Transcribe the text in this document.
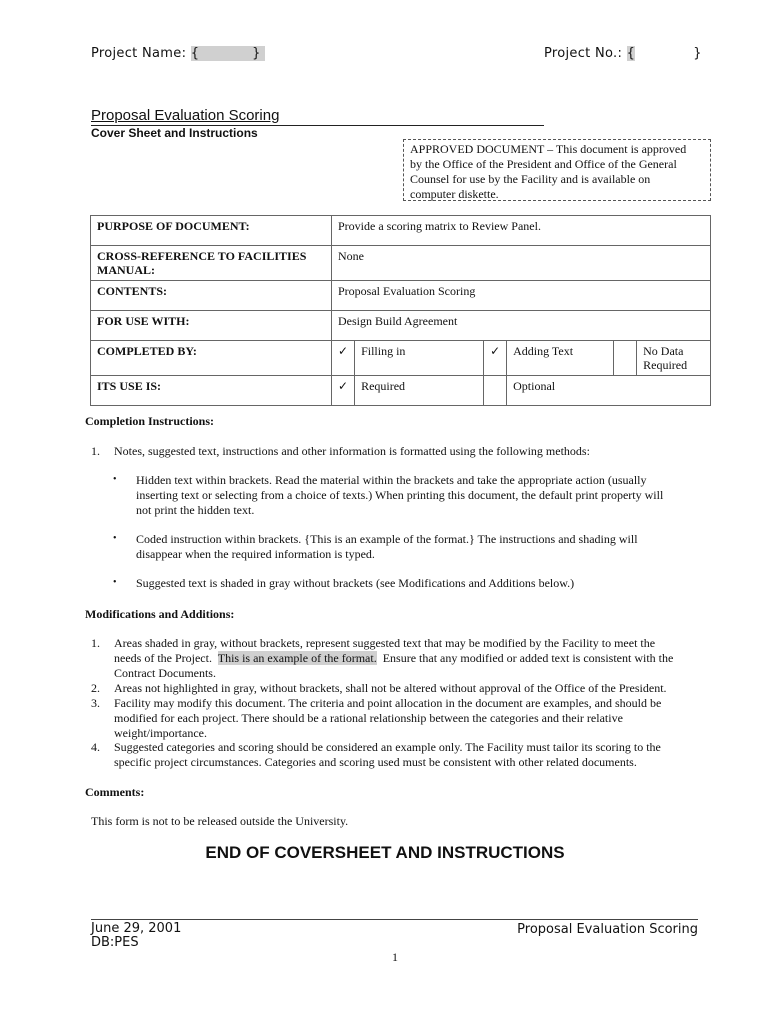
Project Name: {	}	Project No.: {	}
Proposal Evaluation Scoring
Cover Sheet and Instructions
APPROVED DOCUMENT – This document is approved
by the Office of the President and Office of the General
Counsel for use by the Facility and is available on
computer diskette.
PURPOSE OF DOCUMENT:	Provide a scoring matrix to Review Panel.					

CROSS-REFERENCE TO FACILITIES
MANUAL:	None					
CONTENTS:	Proposal Evaluation Scoring					
FOR USE WITH:	Design Build Agreement					
COMPLETED BY:	✓	Filling in	✓	Adding Text		No Data
Required

ITS USE IS:	✓	Required		Optional		
Completion Instructions:
1. Notes, suggested text, instructions and other information is formatted using the following methods:
• Hidden text within brackets. Read the material within the brackets and take the appropriate action (usually
inserting text or selecting from a choice of texts.) When printing this document, the default print property will
not print the hidden text.
• Coded instruction within brackets. {This is an example of the format.} The instructions and shading will
disappear when the required information is typed.
• Suggested text is shaded in gray without brackets (see Modifications and Additions below.)
Modifications and Additions:
1. Areas shaded in gray, without brackets, represent suggested text that may be modified by the Facility to meet the
needs of the Project.  This is an example of the format.  Ensure that any modified or added text is consistent with the
Contract Documents.
2. Areas not highlighted in gray, without brackets, shall not be altered without approval of the Office of the President.
3. Facility may modify this document. The criteria and point allocation in the document are examples, and should be
modified for each project. There should be a rational relationship between the categories and their relative
weight/importance.
4. Suggested categories and scoring should be considered an example only. The Facility must tailor its scoring to the
specific project circumstances. Categories and scoring used must be consistent with other related documents.
Comments:
This form is not to be released outside the University.
END OF COVERSHEET AND INSTRUCTIONS
June 29, 2001
DB:PES
Proposal Evaluation Scoring
1
